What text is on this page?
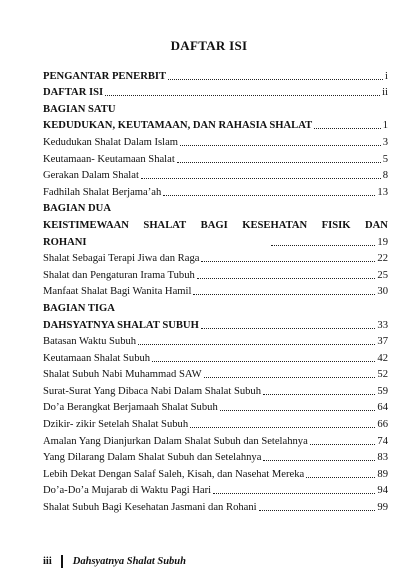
DAFTAR ISI
PENGANTAR PENERBIT	i
DAFTAR ISI	ii
BAGIAN SATU
KEDUDUKAN, KEUTAMAAN, DAN RAHASIA SHALAT	1
Kedudukan Shalat Dalam Islam	3
Keutamaan- Keutamaan Shalat	5
Gerakan Dalam Shalat	8
Fadhilah Shalat Berjama’ah	13
BAGIAN DUA
KEISTIMEWAAN SHALAT BAGI KESEHATAN FISIK DAN
ROHANI	19
Shalat Sebagai Terapi Jiwa dan Raga	22
Shalat dan Pengaturan Irama Tubuh	25
Manfaat Shalat Bagi Wanita Hamil	30
BAGIAN TIGA
DAHSYATNYA SHALAT SUBUH	33
Batasan Waktu Subuh	37
Keutamaan Shalat Subuh	42
Shalat Subuh Nabi Muhammad SAW	52
Surat-Surat Yang Dibaca Nabi Dalam Shalat Subuh	59
Do’a Berangkat Berjamaah Shalat Subuh	64
Dzikir- zikir Setelah Shalat Subuh	66
Amalan Yang Dianjurkan Dalam Shalat Subuh dan Setelahnya	74
Yang Dilarang Dalam Shalat Subuh dan Setelahnya	83
Lebih Dekat Dengan Salaf Saleh, Kisah, dan Nasehat Mereka	89
Do’a-Do’a Mujarab di Waktu Pagi Hari	94
Shalat Subuh Bagi Kesehatan Jasmani dan Rohani	99
iii Dahsyatnya Shalat Subuh
